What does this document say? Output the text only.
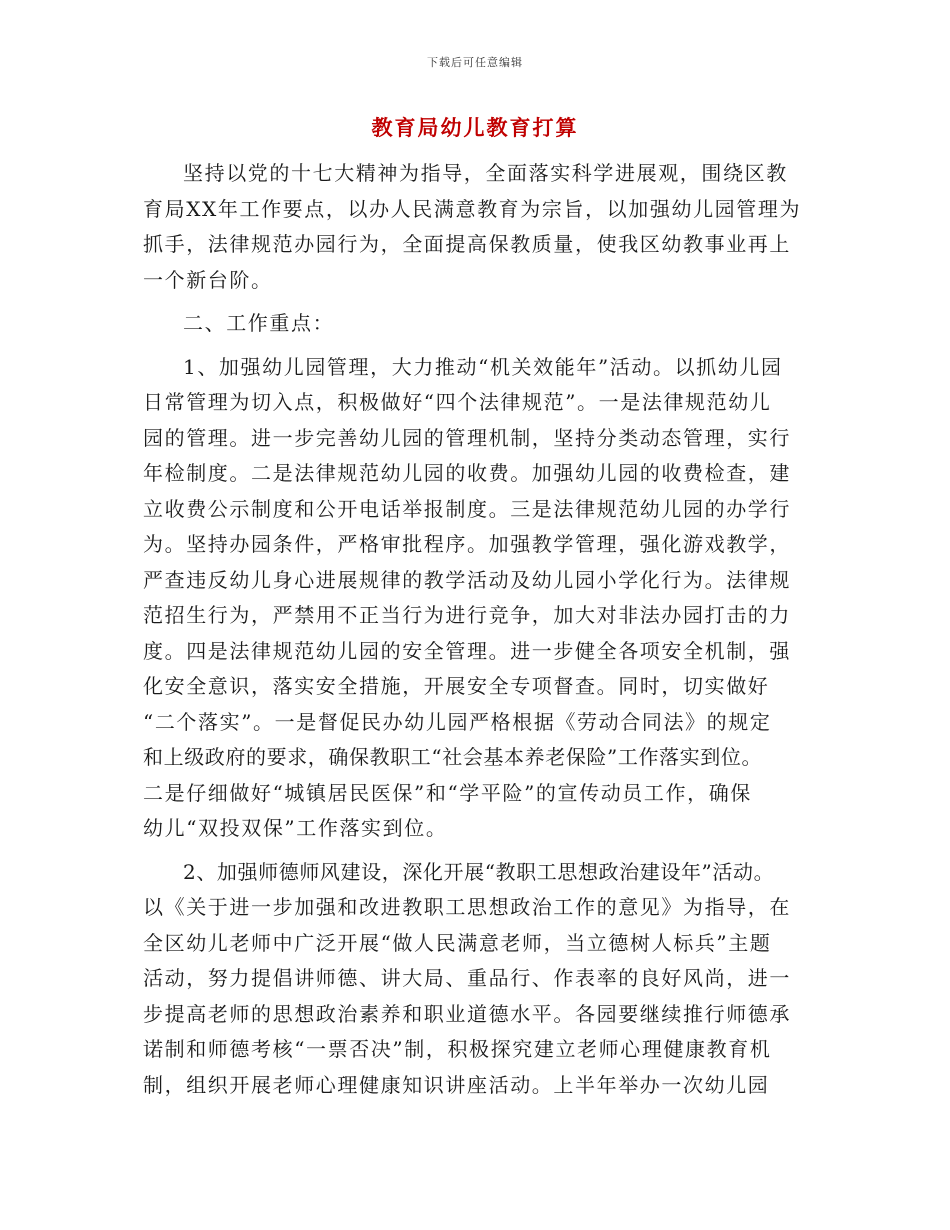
下载后可任意编辑
教育局幼儿教育打算
坚持以党的十七大精神为指导，全面落实科学进展观，围绕区教
育局XX年工作要点，以办人民满意教育为宗旨，以加强幼儿园管理为
抓手，法律规范办园行为，全面提高保教质量，使我区幼教事业再上
一个新台阶。
二、工作重点：
1、加强幼儿园管理，大力推动“机关效能年”活动。以抓幼儿园
日常管理为切入点，积极做好“四个法律规范”。一是法律规范幼儿
园的管理。进一步完善幼儿园的管理机制，坚持分类动态管理，实行
年检制度。二是法律规范幼儿园的收费。加强幼儿园的收费检查，建
立收费公示制度和公开电话举报制度。三是法律规范幼儿园的办学行
为。坚持办园条件，严格审批程序。加强教学管理，强化游戏教学，
严查违反幼儿身心进展规律的教学活动及幼儿园小学化行为。法律规
范招生行为，严禁用不正当行为进行竞争，加大对非法办园打击的力
度。四是法律规范幼儿园的安全管理。进一步健全各项安全机制，强
化安全意识，落实安全措施，开展安全专项督查。同时，切实做好
“二个落实”。一是督促民办幼儿园严格根据《劳动合同法》的规定
和上级政府的要求，确保教职工“社会基本养老保险”工作落实到位。
二是仔细做好“城镇居民医保”和“学平险”的宣传动员工作，确保
幼儿“双投双保”工作落实到位。
2、加强师德师风建设，深化开展“教职工思想政治建设年”活动。
以《关于进一步加强和改进教职工思想政治工作的意见》为指导，在
全区幼儿老师中广泛开展“做人民满意老师，当立德树人标兵”主题
活动，努力提倡讲师德、讲大局、重品行、作表率的良好风尚，进一
步提高老师的思想政治素养和职业道德水平。各园要继续推行师德承
诺制和师德考核“一票否决”制，积极探究建立老师心理健康教育机
制，组织开展老师心理健康知识讲座活动。上半年举办一次幼儿园
